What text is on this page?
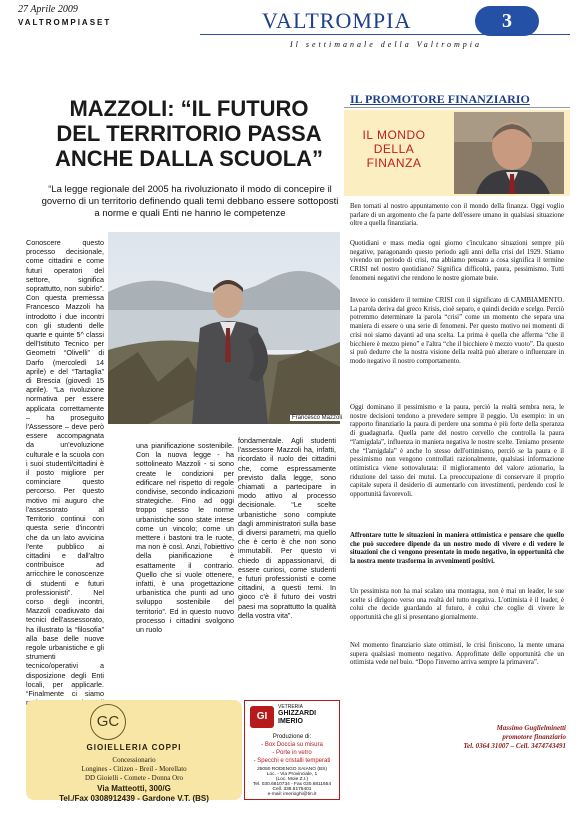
27 Aprile 2009
VALTROMPIASET	VALTROMPIA	3
Il settimanale della Valtrompia
MAZZOLI: “IL FUTURO
DEL TERRITORIO PASSA
ANCHE DALLA SCUOLA”
“La legge regionale del 2005 ha rivoluzionato il modo di concepire il governo di un territorio definendo quali temi debbano essere sottoposti a norme e quali Enti ne hanno le competenze
Francesco Mazzoli
Conoscere questo processo decisionale, come cittadini e come futuri operatori del settore, significa soprattutto, non subirlo”. Con questa premessa Francesco Mazzoli ha introdotto i due incontri con gli studenti delle quarte e quinte 5^ classi dell'Istituto Tecnico per Geometri “Olivelli” di Darfo (mercoledì 14 aprile) e del “Tartaglia” di Brescia (giovedì 15 aprile). “La rivoluzione normativa per essere applicata correttamente – ha proseguito l'Assessore – deve però essere accompagnata da un'evoluzione culturale e la scuola con i suoi studenti/cittadini è il posto migliore per cominciare questo percorso. Per questo motivo mi auguro che l'assessorato al Territorio continui con questa serie d'incontri che da un lato avvicina l'ente pubblico ai cittadini e dall'altro contribuisce ad arricchire le conoscenze di studenti e futuri professionisti”. Nel corso degli incontri, Mazzoli coadiuvato dai tecnici dell'assessorato, ha illustrato la “filosofia” alla base delle nuove regole urbanistiche e gli strumenti tecnico/operativi a disposizione degli Enti locali, per applicarle. “Finalmente ci siamo
una pianificazione sostenibile. Con la nuova legge - ha sottolineato Mazzoli - si sono create le condizioni per edificare nel rispetto di regole condivise, secondo indicazioni strategiche. Fino ad oggi troppo spesso le norme urbanistiche sono state intese come un vincolo; come un mettere i bastoni tra le ruote, ma non è così. Anzi, l'obiettivo della pianificazione è esattamente il contrario. Quello che si vuole ottenere, infatti, è una progettazione urbanistica che punti ad uno sviluppo sostenibile del territorio”. Ed in questo nuovo processo i cittadini svolgono un ruolo
fondamentale. Agli studenti l'assessore Mazzoli ha, infatti, ricordato il ruolo dei cittadini che, come espressamente previsto dalla legge, sono chiamati a partecipare in modo attivo al processo decisionale. “Le scelte urbanistiche sono compiute dagli amministratori sulla base di diversi parametri, ma quello che è certo è che non sono immutabili. Per questo vi chiedo di appassionarvi, di essere curiosi, come studenti e futuri professionisti e come cittadini, a questi temi. In gioco c'è il futuro dei vostri paesi ma soprattutto la qualità della vostra vita”.
IL PROMOTORE FINANZIARIO
IL MONDO
DELLA
FINANZA
Ben tornati al nostro appuntamento con il mondo della finanza. Oggi voglio parlare di un argomento che fa parte dell'essere umano in qualsiasi situazione oltre a quella finanziaria.
Quotidiani e mass media ogni giorno c'inculcano situazioni sempre più negative, paragonando questo periodo agli anni della crisi del 1929. Stiamo vivendo un periodo di crisi, ma abbiamo pensato a cosa significa il termine CRISI nel nostro quotidiano? Significa difficoltà, paura, pessimismo. Tutti fenomeni negativi che rendono le nostre giornate buie.
Invece io considero il termine CRISI con il significato di CAMBIAMENTO. La parola deriva dal greco Krisis, cioè separo, e quindi decido e scelgo. Perciò potremmo determinare la parola “crisi” come un momento che separa una maniera di essere o una serie di fenomeni. Per questo motivo nei momenti di crisi noi siamo davanti ad una scelta. La prima è quella che afferma “che il bicchiere è mezzo pieno” e l'altra “che il bicchiere è mezzo vuoto”. Da questo si può dedurre che la nostra visione della realtà può alterare o influenzare in modo negativo il nostro comportamento.
Oggi dominano il pessimismo e la paura, perciò la realtà sembra nera, le nostre decisioni tendono a prevedere sempre il peggio. Un esempio: in un rapporto finanziario la paura di perdere una somma è più forte della speranza di guadagnarla. Quella parte del nostro cervello che controlla la paura “l'amigdala”, influenza in maniera negativa le nostre scelte. Teniamo presente che “l'amigdala” è anche lo stesso dell'ottimismo, perciò se la paura e il pessimismo non vengono controllati razionalmente, qualsiasi informazione ottimistica viene sottovalutata: il miglioramento del valore azionario, la riduzione del tasso dei mutui. La preoccupazione di conservare il proprio capitale supera il desiderio di aumentarlo con investimenti, perdendo così le opportunità favorevoli.
Affrontare tutte le situazioni in maniera ottimistica e pensare che quello che può succedere dipende da un nostro modo di vivere e di vedere le situazioni che ci vengono presentate in modo negativo, in opportunità che la nostra mente trasforma in avvenimenti positivi.
Un pessimista non ha mai scalato una montagna, non è mai un leader, le sue scelte si dirigono verso una realtà del tutto negativa. L'ottimista è il leader, è colui che decide guardando al futuro, è colui che coglie di vivere le opportunità che gli si presentano giornalmente.
Nel momento finanziario siate ottimisti, le crisi finiscono, la mente umana supera qualsiasi momento negativo. Approfittate delle opportunità che un ottimista vede nel buio. “Dopo l'inverno arriva sempre la primavera”.
Massimo Guglielminetti
promotore finanziario
Tel. 0364 31007 – Cell. 3474743491
GC
GIOIELLERIA COPPI
Concessionario
Longines - Citizen - Breil - Morellato
DD Gioielli - Comete - Donna Oro
Via Matteotti, 300/G
Tel./Fax 0308912439 - Gardone V.T. (BS)
GI
VETRERIA
GHIZZARDI
IMERIO
Produzione di:
- Box Doccia su misura
- Porte in vetro
- Specchi e cristalli temperati
25050 RODENGO SAIANO (BS)
Loc. - Via Provinciale, 1
(Loc. Moie Z.I.)
Tel. 030.6810734 - Fax 030.6811654
Cell. 338.6175401
e-mail: imerioghi@tin.it
